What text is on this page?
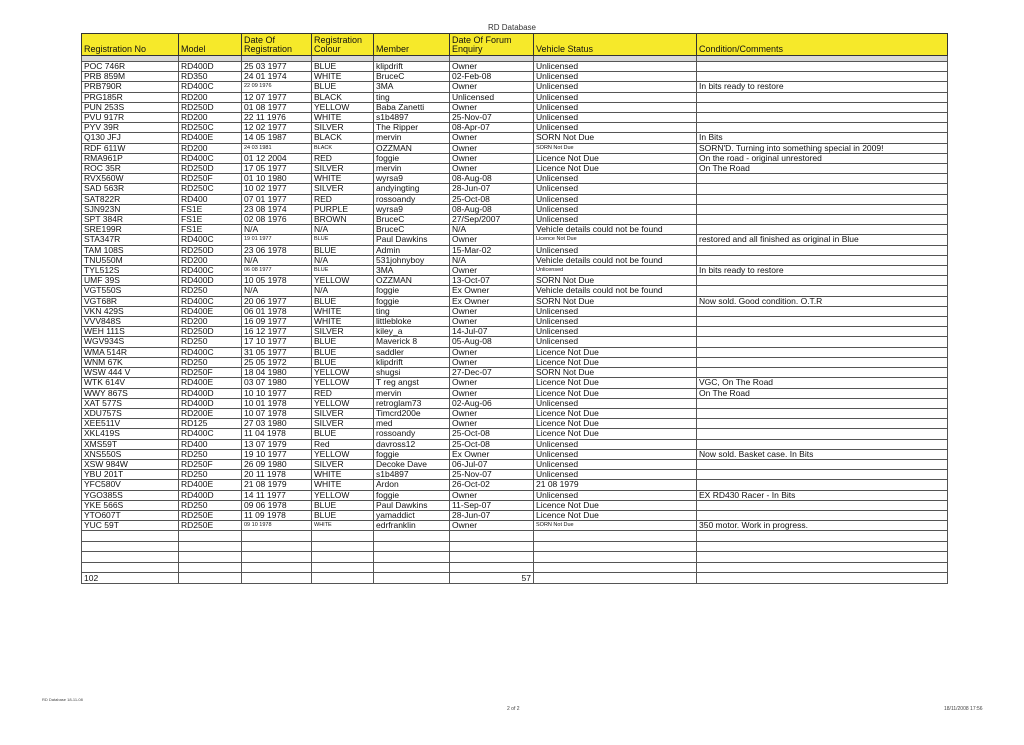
RD Database
Registration No	Model	Date Of Registration	Registration Colour	Member	Date Of Forum Enquiry	Vehicle Status	Condition/Comments

POC 746R	RD400D	25 03 1977	BLUE	klipdrift	Owner	Unlicensed	
PRB 859M	RD350	24 01 1974	WHITE	BruceC	02-Feb-08	Unlicensed	
PRB790R	RD400C	22 09 1976	BLUE	3MA	Owner	Unlicensed	In bits ready to restore
PRG185R	RD200	12 07 1977	BLACK	ting	Unlicensed	Unlicensed	
PUN 253S	RD250D	01 08 1977	YELLOW	Baba Zanetti	Owner	Unlicensed	
PVU 917R	RD200	22 11 1976	WHITE	s1b4897	25-Nov-07	Unlicensed	
PYV 39R	RD250C	12 02 1977	SILVER	The Ripper	08-Apr-07	Unlicensed	
Q130 JFJ	RD400E	14 05 1987	BLACK	mervin	Owner	SORN Not Due	In Bits
RDF 611W	RD200	24 03 1981	BLACK	OZZMAN	Owner	SORN Not Due	SORN'D. Turning into something special in 2009!
RMA961P	RD400C	01 12 2004	RED	foggie	Owner	Licence Not Due	On the road - original unrestored
ROC 35R	RD250D	17 05 1977	SILVER	mervin	Owner	Licence Not Due	On The Road
RVX560W	RD250F	01 10 1980	WHITE	wyrsa9	08-Aug-08	Unlicensed	
SAD 563R	RD250C	10 02 1977	SILVER	andyingting	28-Jun-07	Unlicensed	
SAT822R	RD400	07 01 1977	RED	rossoandy	25-Oct-08	Unlicensed	
SJN923N	FS1E	23 08 1974	PURPLE	wyrsa9	08-Aug-08	Unlicensed	
SPT 384R	FS1E	02 08 1976	BROWN	BruceC	27/Sep/2007	Unlicensed	
SRE199R	FS1E	N/A	N/A	BruceC	N/A	Vehicle details could not be found	
STA347R	RD400C	19 01 1977	BLUE	Paul Dawkins	Owner	Licence Not Due	restored and all finished as original in Blue
TAM 108S	RD250D	23 06 1978	BLUE	Admin	15-Mar-02	Unlicensed	
TNU550M	RD200	N/A	N/A	531johnyboy	N/A	Vehicle details could not be found	
TYL512S	RD400C	06 08 1977	BLUE	3MA	Owner	Unlicensed	In bits ready to restore
UMF 39S	RD400D	10 05 1978	YELLOW	OZZMAN	13-Oct-07	SORN Not Due	
VGT550S	RD250	N/A	N/A	foggie	Ex Owner	Vehicle details could not be found	
VGT68R	RD400C	20 06 1977	BLUE	foggie	Ex Owner	SORN Not Due	Now sold. Good condition. O.T.R
VKN 429S	RD400E	06 01 1978	WHITE	ting	Owner	Unlicensed	
VVV848S	RD200	16 09 1977	WHITE	littlebloke	Owner	Unlicensed	
WEH 111S	RD250D	16 12 1977	SILVER	kiley_a	14-Jul-07	Unlicensed	
WGV934S	RD250	17 10 1977	BLUE	Maverick 8	05-Aug-08	Unlicensed	
WMA 514R	RD400C	31 05 1977	BLUE	saddler	Owner	Licence Not Due	
WNM 67K	RD250	25 05 1972	BLUE	klipdrift	Owner	Licence Not Due	
WSW 444 V	RD250F	18 04 1980	YELLOW	shugsi	27-Dec-07	SORN Not Due	
WTK 614V	RD400E	03 07 1980	YELLOW	T reg angst	Owner	Licence Not Due	VGC, On The Road
WWY 867S	RD400D	10 10 1977	RED	mervin	Owner	Licence Not Due	On The Road
XAT 577S	RD400D	10 01 1978	YELLOW	retroglam73	02-Aug-06	Unlicensed	
XDU757S	RD200E	10 07 1978	SILVER	Timcrd200e	Owner	Licence Not Due	
XEE511V	RD125	27 03 1980	SILVER	med	Owner	Licence Not Due	
XKL419S	RD400C	11 04 1978	BLUE	rossoandy	25-Oct-08	Licence Not Due	
XMS59T	RD400	13 07 1979	Red	davross12	25-Oct-08	Unlicensed	
XNS550S	RD250	19 10 1977	YELLOW	foggie	Ex Owner	Unlicensed	Now sold. Basket case. In Bits
XSW 984W	RD250F	26 09 1980	SILVER	Decoke Dave	06-Jul-07	Unlicensed	
YBU 201T	RD250	20 11 1978	WHITE	s1b4897	25-Nov-07	Unlicensed	
YFC580V	RD400E	21 08 1979	WHITE	Ardon	26-Oct-02	21 08 1979	
YGO385S	RD400D	14 11 1977	YELLOW	foggie	Owner	Unlicensed	EX RD430 Racer - In Bits
YKE 566S	RD250	09 06 1978	BLUE	Paul Dawkins	11-Sep-07	Licence Not Due	
YTO607T	RD250E	11 09 1978	BLUE	yamaddict	28-Jun-07	Licence Not Due	
YUC 59T	RD250E	09 10 1978	WHITE	edrfranklin	Owner	SORN Not Due	350 motor. Work in progress.

102					57		
RD Database 18-11-08
2 of 2	18/11/2008 17:56
